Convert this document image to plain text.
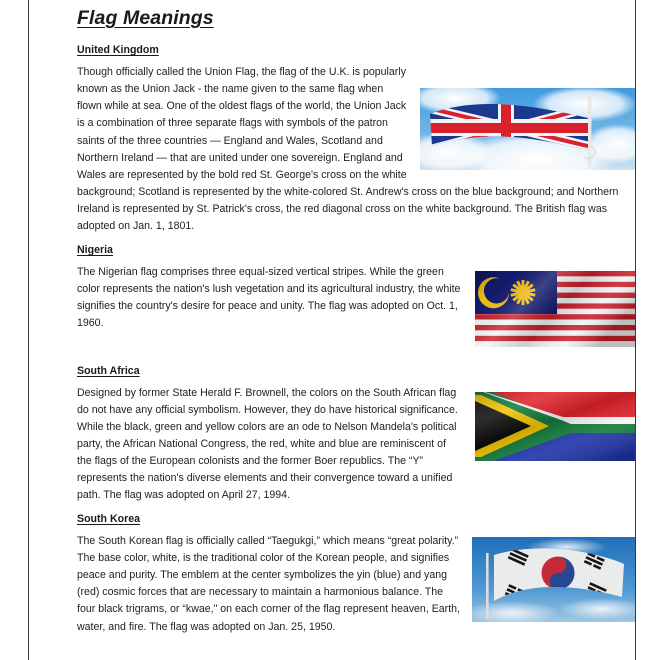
Flag Meanings
United Kingdom

Though officially called the Union Flag, the flag of the U.K. is popularly known as the Union Jack - the name given to the same flag when flown while at sea. One of the oldest flags of the world, the Union Jack is a combination of three separate flags with symbols of the patron saints of the three countries — England and Wales, Scotland and Northern Ireland — that are united under one sovereign. England and Wales are represented by the bold red St. George's cross on the white background; Scotland is represented by the white-colored St. Andrew's cross on the blue background; and Northern Ireland is represented by St. Patrick's cross, the red diagonal cross on the white background. The British flag was adopted on Jan. 1, 1801.

Nigeria

The Nigerian flag comprises three equal-sized vertical stripes. While the green color represents the nation's lush vegetation and its agricultural industry, the white signifies the country's desire for peace and unity. The flag was adopted on Oct. 1, 1960.

South Africa

Designed by former State Herald F. Brownell, the colors on the South African flag do not have any official symbolism. However, they do have historical significance. While the black, green and yellow colors are an ode to Nelson Mandela's political party, the African National Congress, the red, white and blue are reminiscent of the flags of the European colonists and the former Boer republics. The “Y” represents the nation's diverse elements and their convergence toward a unified path. The flag was adopted on April 27, 1994.

South Korea

The South Korean flag is officially called “Taegukgi,” which means “great polarity.” The base color, white, is the traditional color of the Korean people, and signifies peace and purity. The emblem at the center symbolizes the yin (blue) and yang (red) cosmic forces that are necessary to maintain a harmonious balance. The four black trigrams, or “kwae," on each corner of the flag represent heaven, Earth, water, and fire. The flag was adopted on Jan. 25, 1950.
